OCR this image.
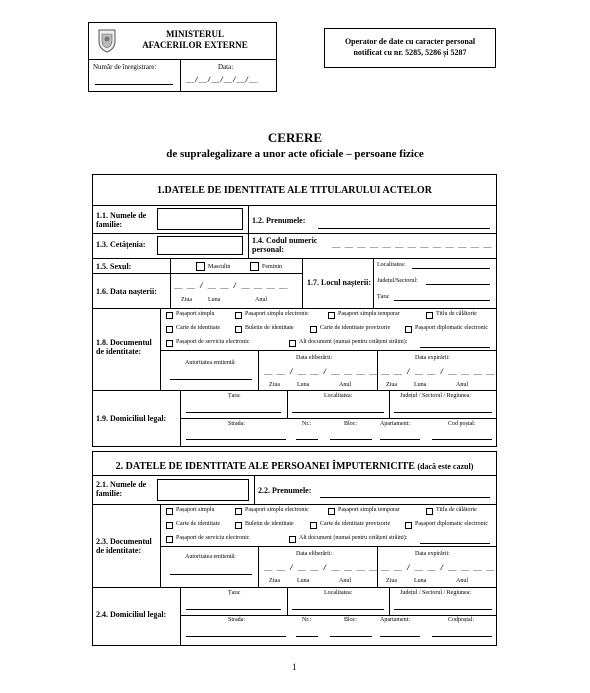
MINISTERUL
AFACERILOR EXTERNE
Număr de înregistrare:	Data:
__/__/__/__/__/__
Operator de date cu caracter personal
notificat cu nr. 5285, 5286 și 5287
CERERE
de supralegalizare a unor acte oficiale – persoane fizice
1.DATELE DE IDENTITATE ALE TITULARULUI ACTELOR
1.1. Numele de familie:	1.2. Prenumele:
1.3. Cetățenia:	1.4. Codul numeric personal:	__ __ __ __ __ __ __ __ __ __ __ __ __
1.5. Sexul:	Masculin	Feminin
1.6. Data nașterii: __ __ / __ __ / __ __ __ __
Ziua	Luna	Anul
1.7. Locul nașterii:
Localitatea:
Județul/Sectorul:
Țara:
1.8. Documentul de identitate:
Pașaport simplu	Pașaport simplu electronic	Pașaport simplu temporar	Titlu de călătorie
Carte de identitate	Buletin de identitate	Carte de identitate provizorie	Pașaport diplomatic electronic
Pașaport de serviciu electronic	Alt document (numai pentru cetățeni străini):
Autoritatea emitentă:
Data eliberării:
__ __ / __ __ / __ __ __ __
Ziua	Luna	Anul
Data expirării:
__ __ / __ __ / __ __ __ __
Ziua	Luna	Anul
1.9. Domiciliul legal:
Țara:	Localitatea:	Județul / Sectorul / Regiunea:
Strada:	Nr.:	Bloc:	Apartament:	Cod poștal:
2. DATELE DE IDENTITATE ALE PERSOANEI ÎMPUTERNICITE (dacă este cazul)
2.1. Numele de familie:	2.2. Prenumele:
2.3. Documentul de identitate:
Pașaport simplu	Pașaport simplu electronic	Pașaport simplu temporar	Titlu de călătorie
Carte de identitate	Buletin de identitate	Carte de identitate provizorie	Pașaport diplomatic electronic
Pașaport de serviciu electronic	Alt document (numai pentru cetățeni străini):
Autoritatea emitentă:	Data eliberării:
__ __ / __ __ / __ __ __ __
Ziua	Luna	Anul
Data expirării:
__ __ / __ __ / __ __ __ __
Ziua	Luna	Anul
2.4. Domiciliul legal:
Țara:	Localitatea:	Județul / Sectorul / Regiunea:
Strada:	Nr.:	Bloc:	Apartament:	Codpoștal:
1
